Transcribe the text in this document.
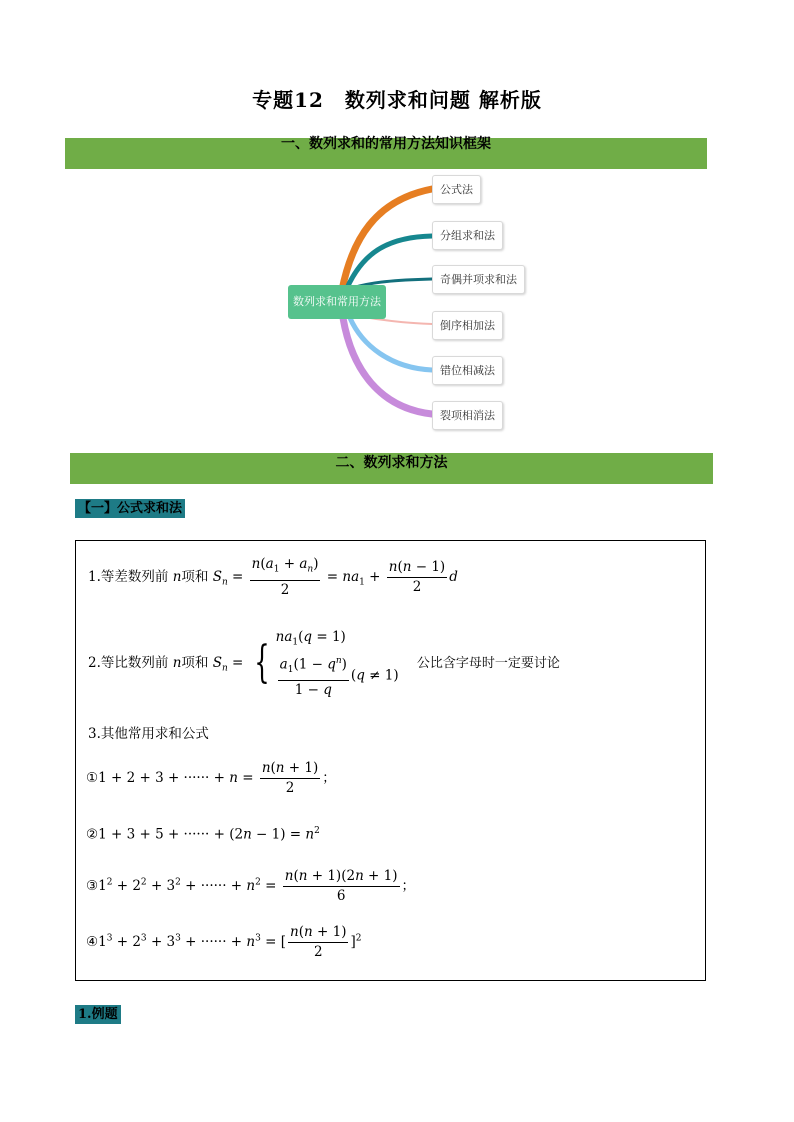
专题12　数列求和问题 解析版
一、数列求和的常用方法知识框架
数列求和常用方法
公式法
分组求和法
奇偶并项求和法
倒序相加法
错位相减法
裂项相消法
二、数列求和方法
【一】公式求和法
1.等差数列前 n项和 $S_n = \frac{n(a_1 + a_n)}{2} = na_1 + \frac{n(n - 1)}{2}$ d
2.等比数列前 n项和 $S_n$ = {
$na_1(q = 1)$
$\frac{a_1(1 - q^n)}{1 - q} (q \ne 1)$
公比含字母时一定要讨论
3.其他常用求和公式
①1 + 2 + 3 + ······ + $n = \frac{n(n + 1)}{2}$ ；
②1 + 3 + 5 + ······ + $(2n - 1) = n^2$
$③1^2 + 2^2 + 3^2$ + ······ + $n^2 = \frac{n(n + 1)(2n + 1)}{6}$ ；
$④1^3 + 2^3 + 3^3$ + ······ + $n^3$ = [ $\frac{n(n + 1)}{2} ]^2$
1.例题
